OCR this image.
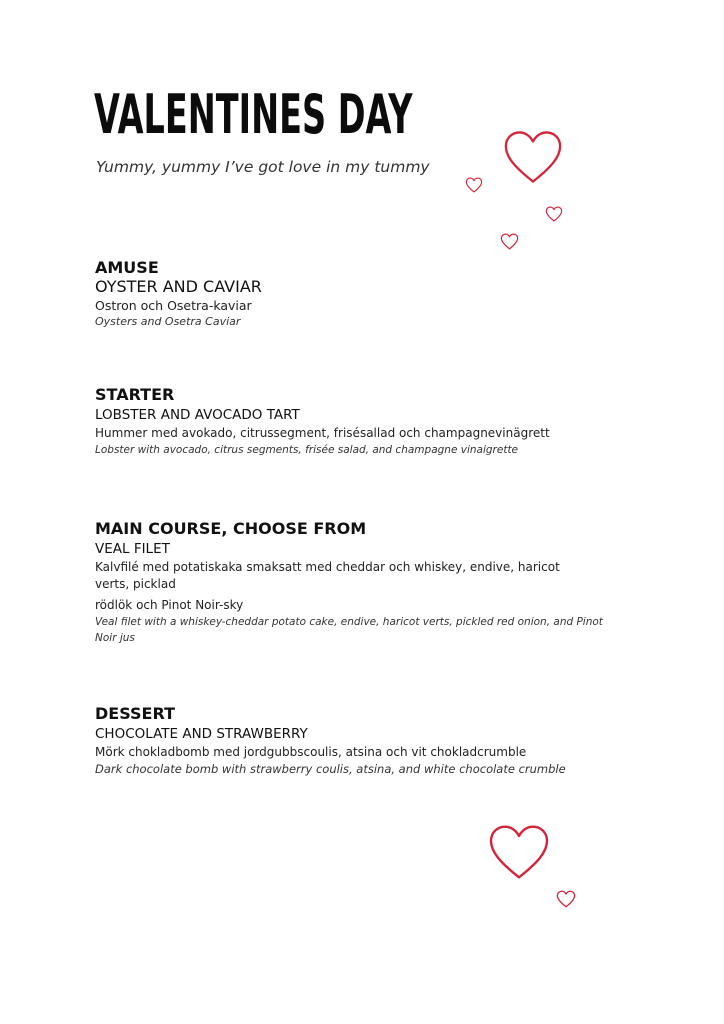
VALENTINES DAY

Yummy, yummy I’ve got love in my tummy

AMUSE

OYSTER AND CAVIAR

Ostron och Osetra-kaviar

Oysters and Osetra Caviar

STARTER

LOBSTER AND AVOCADO TART

Hummer med avokado, citrussegment, frisésallad och champagnevinägrett

Lobster with avocado, citrus segments, frisée salad, and champagne vinaigrette

MAIN COURSE, CHOOSE FROM

VEAL FILET

Kalvfilé med potatiskaka smaksatt med cheddar och whiskey, endive, haricot verts, picklad

rödlök och Pinot Noir-sky

Veal filet with a whiskey-cheddar potato cake, endive, haricot verts, pickled red onion, and Pinot Noir jus

DESSERT

CHOCOLATE AND STRAWBERRY

Mörk chokladbomb med jordgubbscoulis, atsina och vit chokladcrumble

Dark chocolate bomb with strawberry coulis, atsina, and white chocolate crumble
